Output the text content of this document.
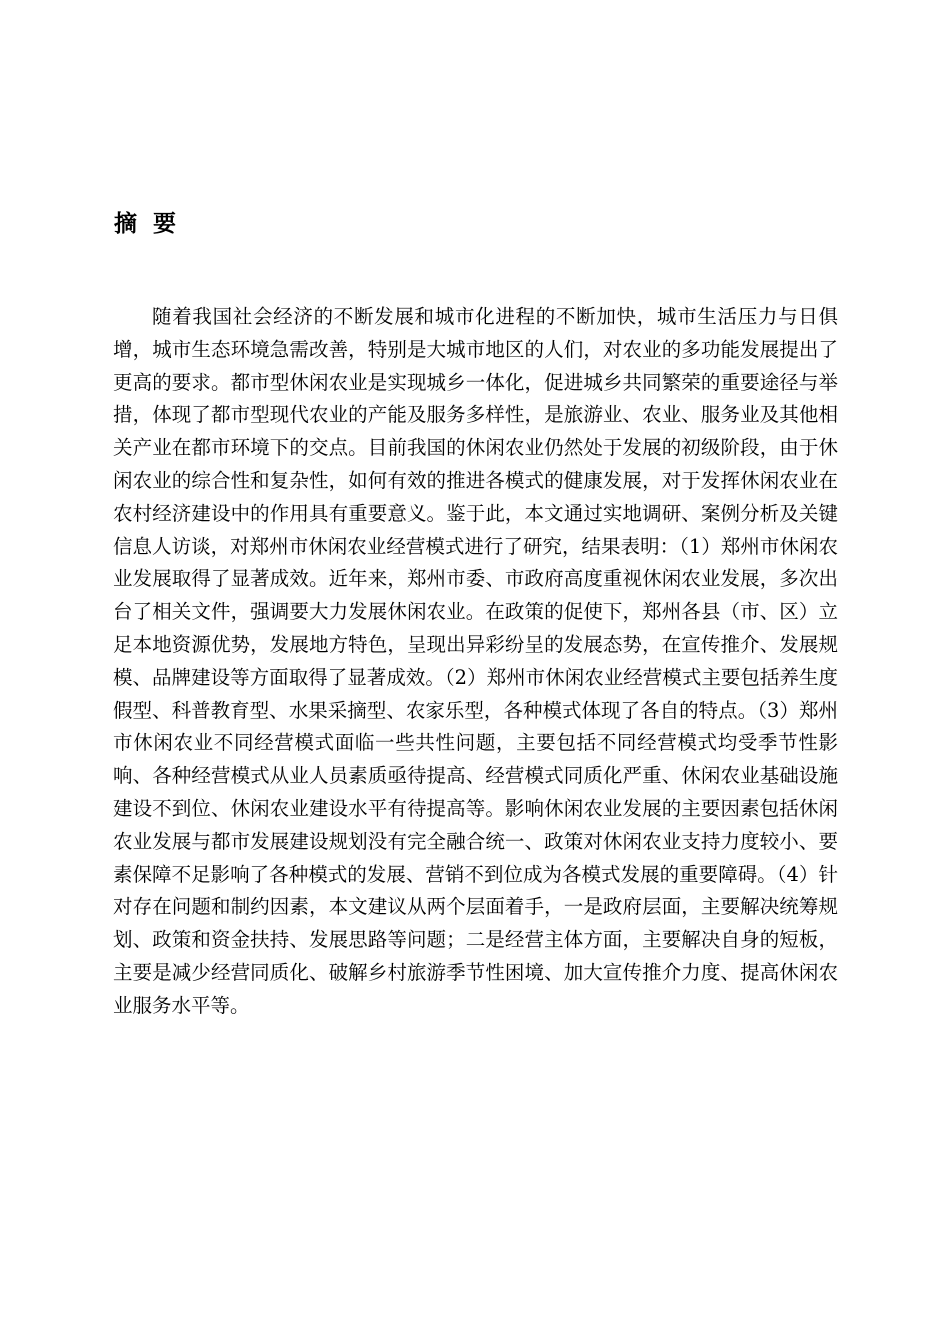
摘 要

随着我国社会经济的不断发展和城市化进程的不断加快，城市生活压力与日俱增，城市生态环境急需改善，特别是大城市地区的人们，对农业的多功能发展提出了更高的要求。都市型休闲农业是实现城乡一体化，促进城乡共同繁荣的重要途径与举措，体现了都市型现代农业的产能及服务多样性，是旅游业、农业、服务业及其他相关产业在都市环境下的交点。目前我国的休闲农业仍然处于发展的初级阶段，由于休闲农业的综合性和复杂性，如何有效的推进各模式的健康发展，对于发挥休闲农业在农村经济建设中的作用具有重要意义。鉴于此，本文通过实地调研、案例分析及关键信息人访谈，对郑州市休闲农业经营模式进行了研究，结果表明：（1）郑州市休闲农业发展取得了显著成效。近年来，郑州市委、市政府高度重视休闲农业发展，多次出台了相关文件，强调要大力发展休闲农业。在政策的促使下，郑州各县（市、区）立足本地资源优势，发展地方特色，呈现出异彩纷呈的发展态势，在宣传推介、发展规模、品牌建设等方面取得了显著成效。（2）郑州市休闲农业经营模式主要包括养生度假型、科普教育型、水果采摘型、农家乐型，各种模式体现了各自的特点。（3）郑州市休闲农业不同经营模式面临一些共性问题，主要包括不同经营模式均受季节性影响、各种经营模式从业人员素质亟待提高、经营模式同质化严重、休闲农业基础设施建设不到位、休闲农业建设水平有待提高等。影响休闲农业发展的主要因素包括休闲农业发展与都市发展建设规划没有完全融合统一、政策对休闲农业支持力度较小、要素保障不足影响了各种模式的发展、营销不到位成为各模式发展的重要障碍。（4）针对存在问题和制约因素，本文建议从两个层面着手，一是政府层面，主要解决统筹规划、政策和资金扶持、发展思路等问题；二是经营主体方面，主要解决自身的短板，主要是减少经营同质化、破解乡村旅游季节性困境、加大宣传推介力度、提高休闲农业服务水平等。
